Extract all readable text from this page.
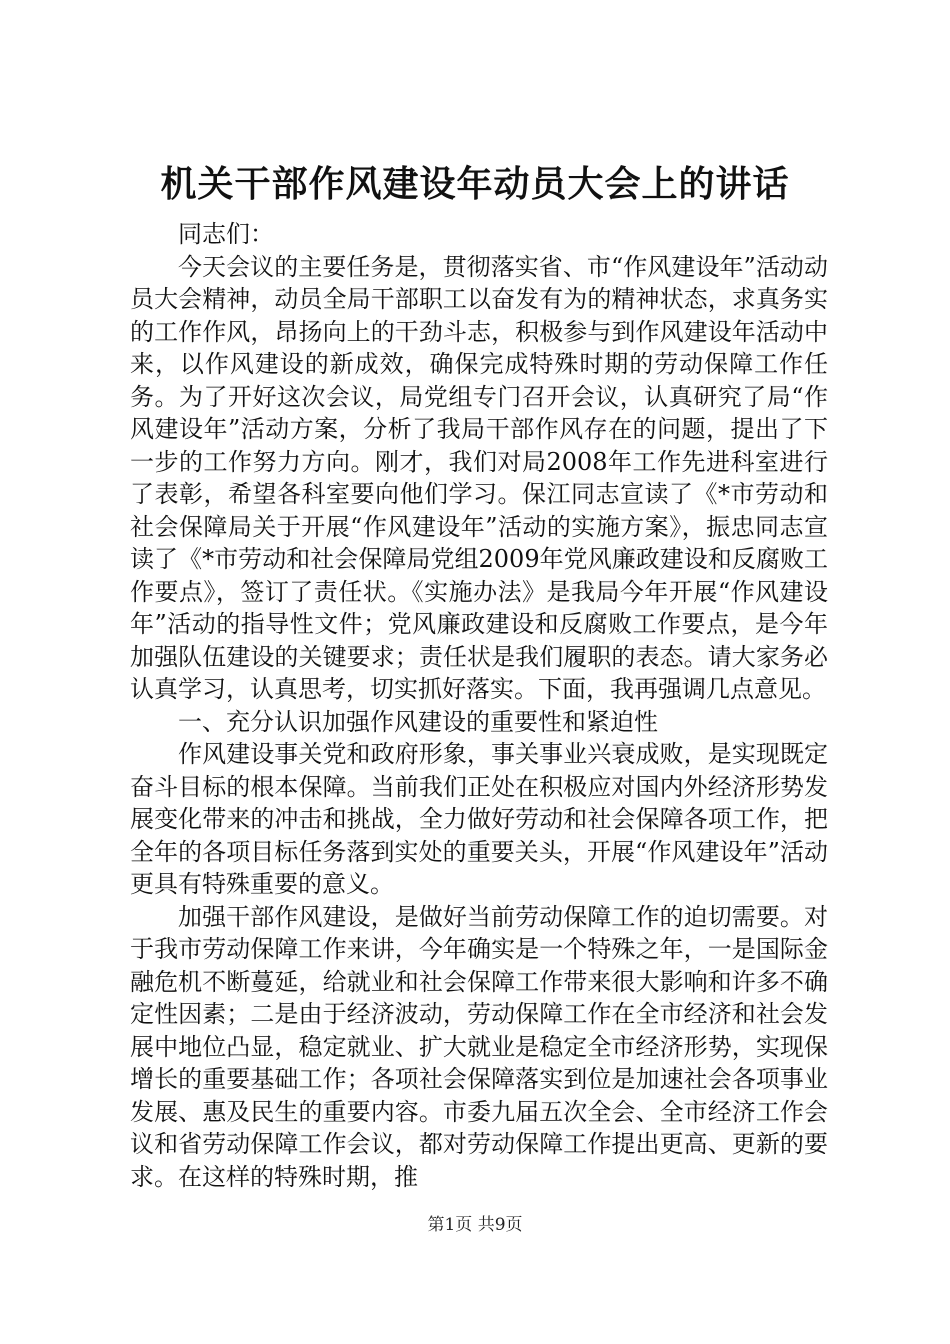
机关干部作风建设年动员大会上的讲话

同志们：

今天会议的主要任务是，贯彻落实省、市“作风建设年”活动动员大会精神，动员全局干部职工以奋发有为的精神状态，求真务实的工作作风，昂扬向上的干劲斗志，积极参与到作风建设年活动中来，以作风建设的新成效，确保完成特殊时期的劳动保障工作任务。为了开好这次会议，局党组专门召开会议，认真研究了局“作风建设年”活动方案，分析了我局干部作风存在的问题，提出了下一步的工作努力方向。刚才，我们对局2008年工作先进科室进行了表彰，希望各科室要向他们学习。保江同志宣读了《*市劳动和社会保障局关于开展“作风建设年”活动的实施方案》，振忠同志宣读了《*市劳动和社会保障局党组2009年党风廉政建设和反腐败工作要点》，签订了责任状。《实施办法》是我局今年开展“作风建设年”活动的指导性文件；党风廉政建设和反腐败工作要点，是今年加强队伍建设的关键要求；责任状是我们履职的表态。请大家务必认真学习，认真思考，切实抓好落实。下面，我再强调几点意见。

一、充分认识加强作风建设的重要性和紧迫性

作风建设事关党和政府形象，事关事业兴衰成败，是实现既定奋斗目标的根本保障。当前我们正处在积极应对国内外经济形势发展变化带来的冲击和挑战，全力做好劳动和社会保障各项工作，把全年的各项目标任务落到实处的重要关头，开展“作风建设年”活动更具有特殊重要的意义。

加强干部作风建设，是做好当前劳动保障工作的迫切需要。对于我市劳动保障工作来讲，今年确实是一个特殊之年，一是国际金融危机不断蔓延，给就业和社会保障工作带来很大影响和许多不确定性因素；二是由于经济波动，劳动保障工作在全市经济和社会发展中地位凸显，稳定就业、扩大就业是稳定全市经济形势，实现保增长的重要基础工作；各项社会保障落实到位是加速社会各项事业发展、惠及民生的重要内容。市委九届五次全会、全市经济工作会议和省劳动保障工作会议，都对劳动保障工作提出更高、更新的要求。在这样的特殊时期，推

第1页 共9页
